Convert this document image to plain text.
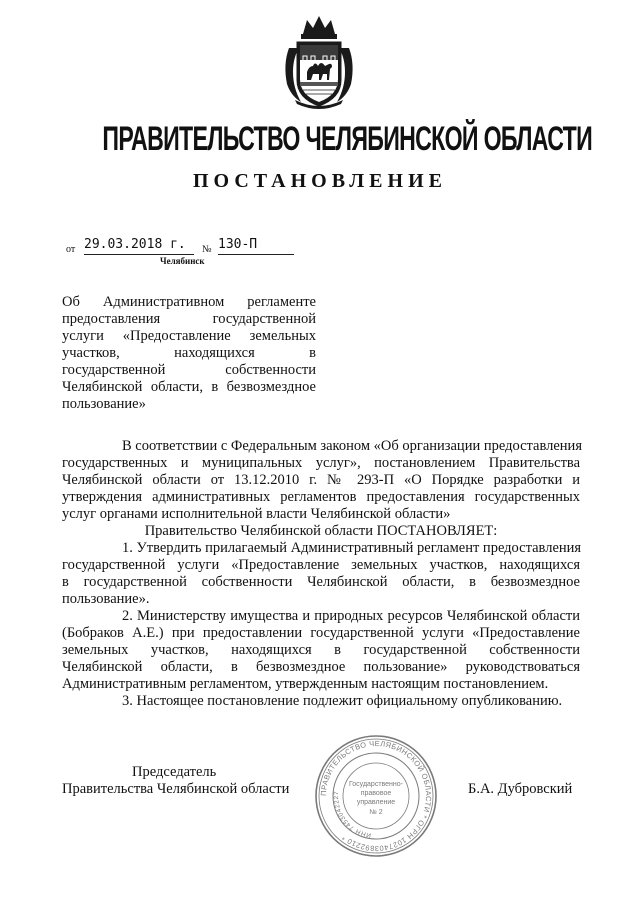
ПРАВИТЕЛЬСТВО ЧЕЛЯБИНСКОЙ ОБЛАСТИ
ПОСТАНОВЛЕНИЕ
от 29.03.2018 г.	№ 130-П
Челябинск
Об Административном регламенте
предоставления государственной
услуги «Предоставление земельных
участков, находящихся в
государственной собственности
Челябинской области, в безвозмездное
пользование»
В соответствии с Федеральным законом «Об организации предоставления
государственных и муниципальных услуг», постановлением Правительства
Челябинской области от 13.12.2010 г. № 293-П «О Порядке разработки и
утверждения административных регламентов предоставления государственных
услуг органами исполнительной власти Челябинской области»
Правительство Челябинской области ПОСТАНОВЛЯЕТ:
1. Утвердить прилагаемый Административный регламент предоставления
государственной услуги «Предоставление земельных участков, находящихся
в государственной собственности Челябинской области, в безвозмездное
пользование».
2. Министерству имущества и природных ресурсов Челябинской области
(Бобраков А.Е.) при предоставлении государственной услуги «Предоставление
земельных участков, находящихся в государственной собственности
Челябинской области, в безвозмездное пользование» руководствоваться
Административным регламентом, утвержденным настоящим постановлением.
3. Настоящее постановление подлежит официальному опубликованию.
Председатель
Правительства Челябинской области	Б.А. Дубровский
ПРАВИТЕЛЬСТВО ЧЕЛЯБИНСКОЙ ОБЛАСТИ * ОГРН 1027403892210 *	ИНН 7453042227
Государственно-
правовое
управление
№ 2
